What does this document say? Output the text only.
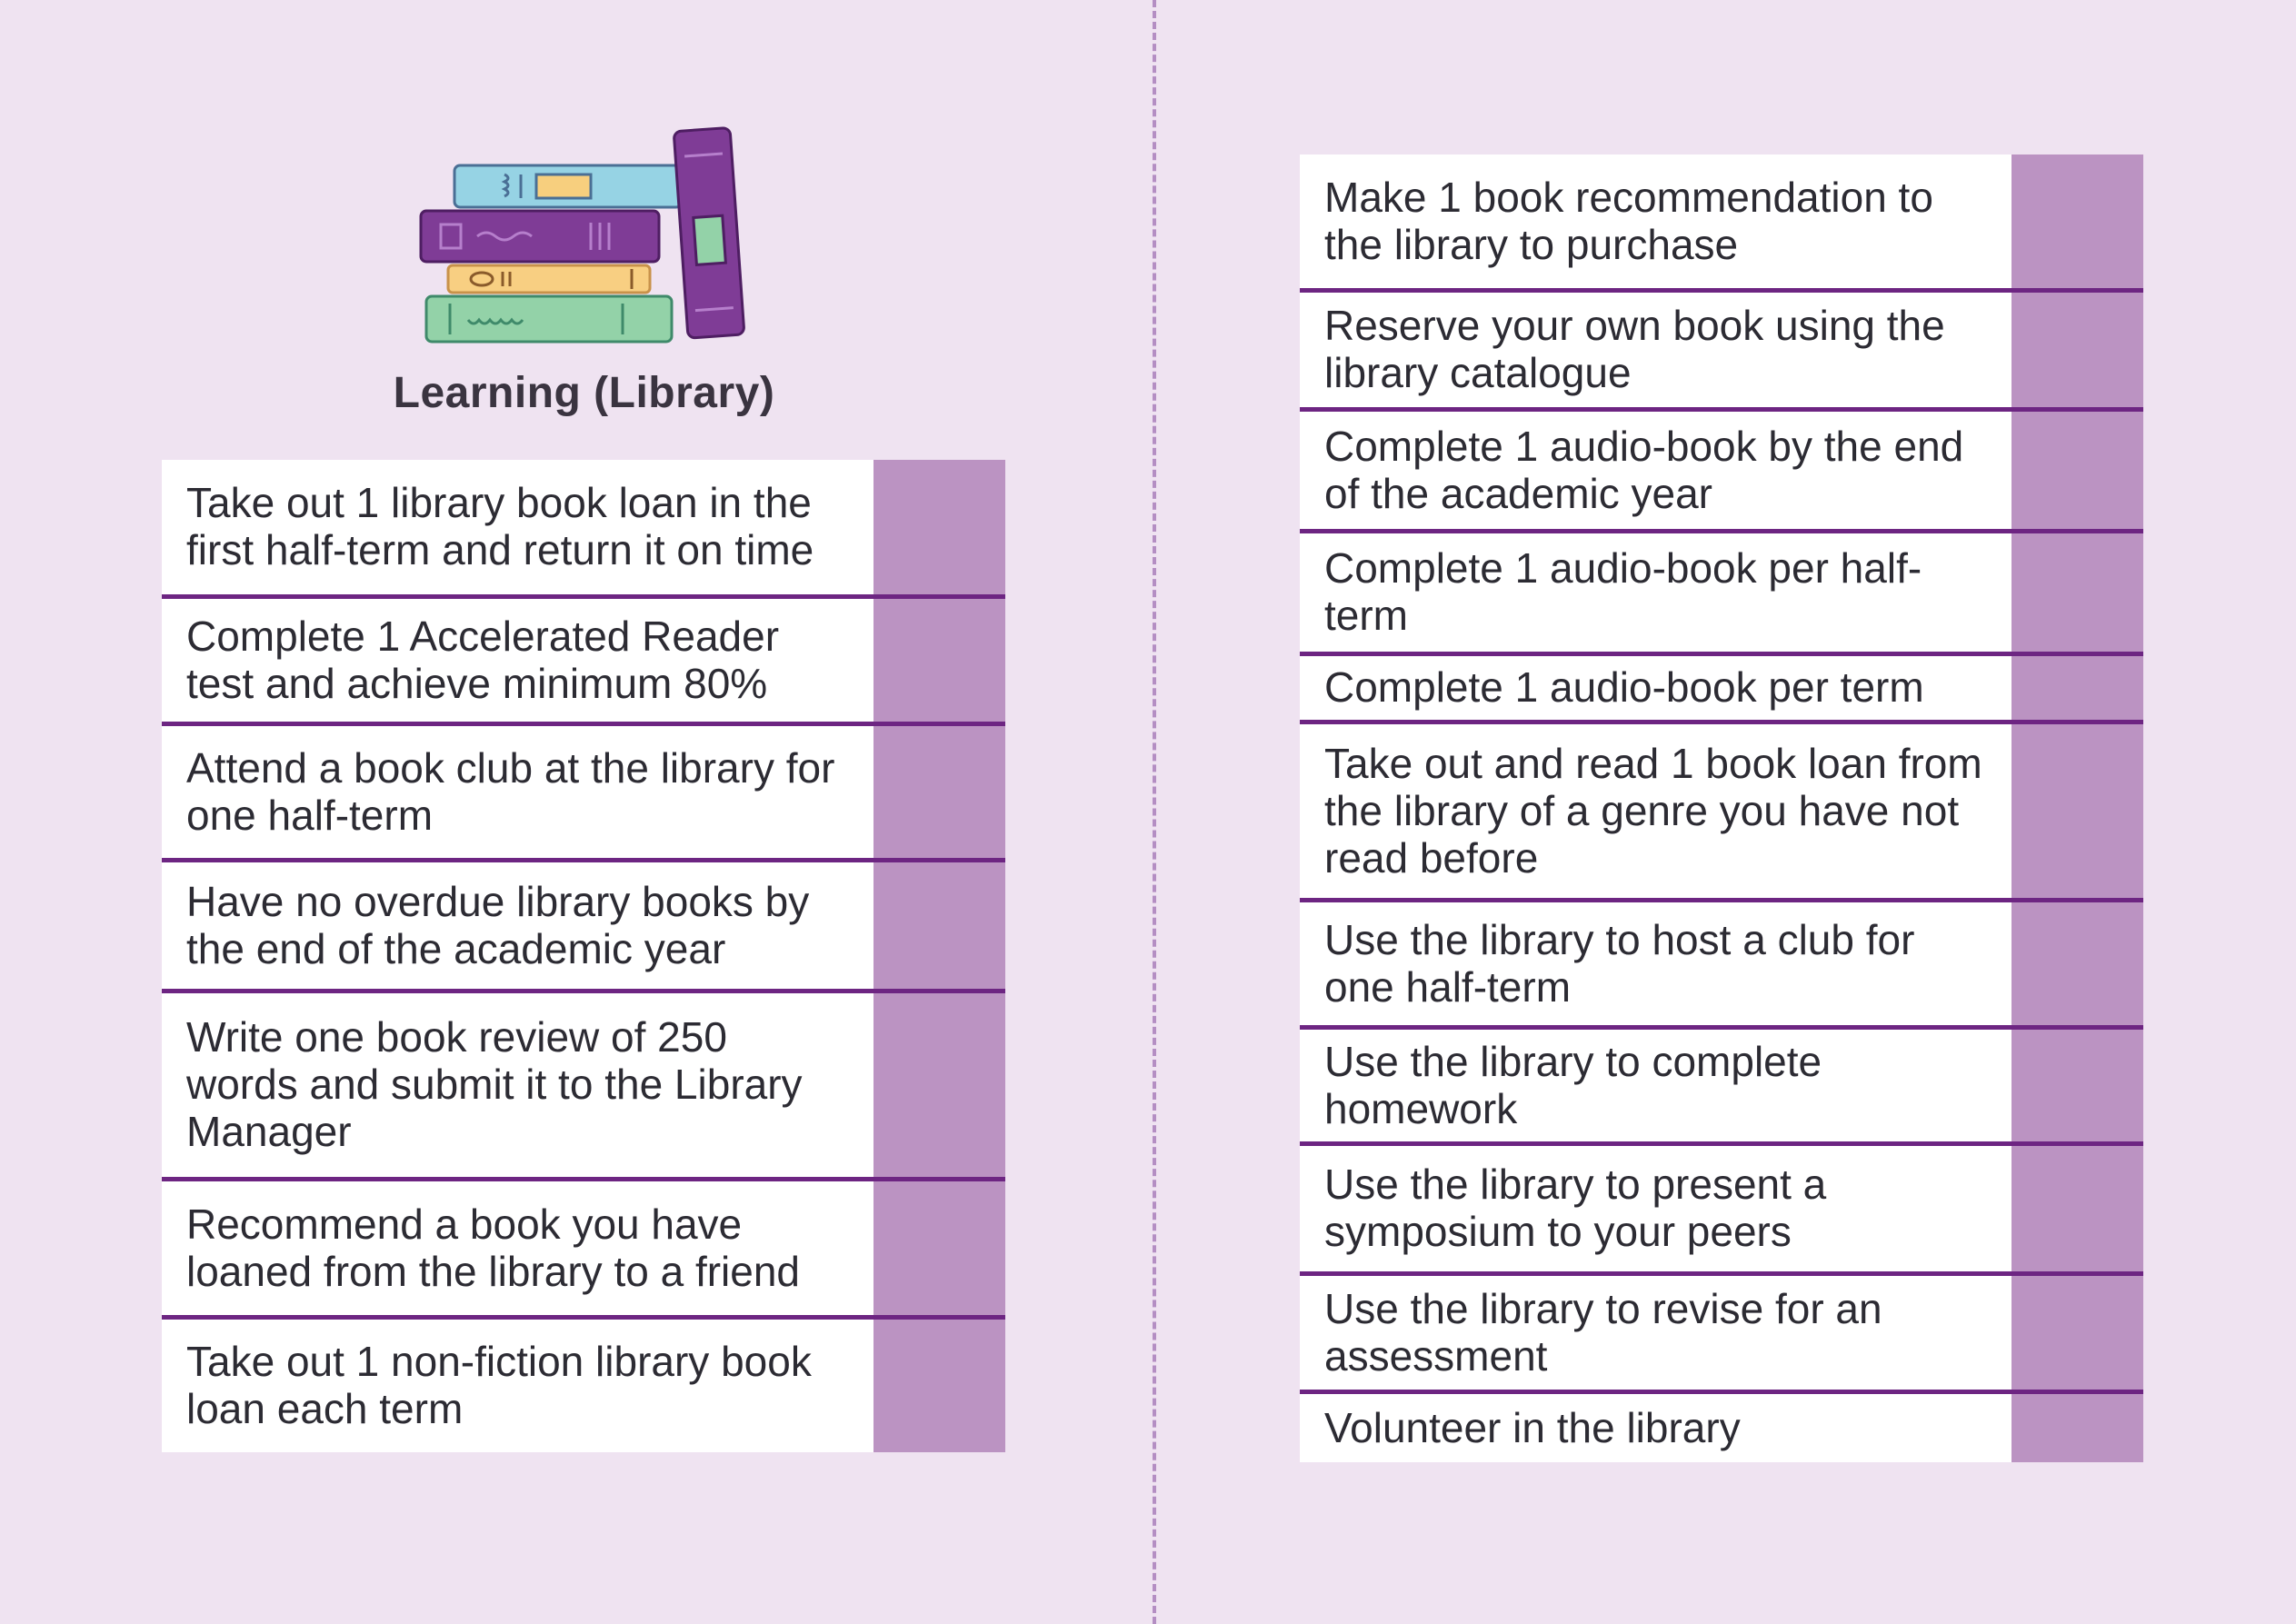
Learning (Library)
Take out 1 library book loan in the first half-term and return it on time
Complete 1 Accelerated Reader test and achieve minimum 80%
Attend a book club at the library for one half-term
Have no overdue library books by the end of the academic year
Write one book review of 250 words and submit it to the Library Manager
Recommend a book you have loaned from the library to a friend
Take out 1 non-fiction library book loan each term
Make 1 book recommendation to the library to purchase
Reserve your own book using the library catalogue
Complete 1 audio-book by the end of the academic year
Complete 1 audio-book per half-term
Complete 1 audio-book per term
Take out and read 1 book loan from the library of a genre you have not read before
Use the library to host a club for one half-term
Use the library to complete homework
Use the library to present a symposium to your peers
Use the library to revise for an assessment
Volunteer in the library
